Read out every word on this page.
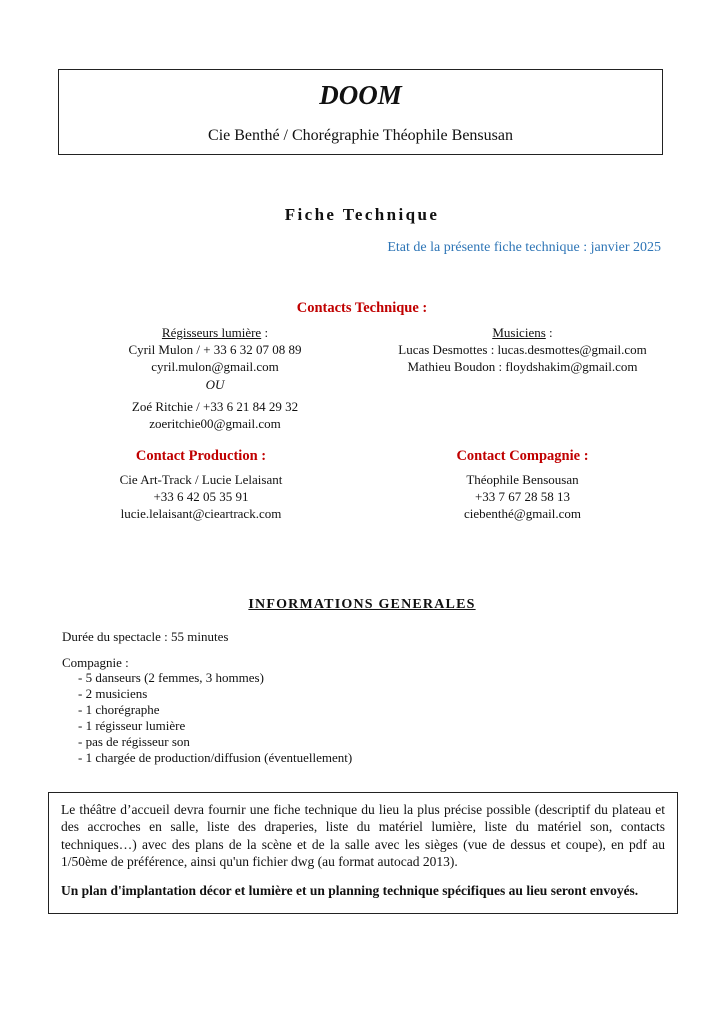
DOOM
Cie Benthé / Chorégraphie Théophile Bensusan
Fiche Technique
Etat de la présente fiche technique : janvier 2025
Contacts Technique :
Régisseurs lumière :
Cyril Mulon / + 33 6 32 07 08 89
cyril.mulon@gmail.com
OU
Zoé Ritchie / +33 6 21 84 29 32
zoeritchie00@gmail.com
Musiciens :
Lucas Desmottes : lucas.desmottes@gmail.com
Mathieu Boudon : floydshakim@gmail.com
Contact Production :
Cie Art-Track / Lucie Lelaisant
+33 6 42 05 35 91
lucie.lelaisant@cieartrack.com
Contact Compagnie :
Théophile Bensousan
+33 7 67 28 58 13
ciebenthé@gmail.com
INFORMATIONS GENERALES
Durée du spectacle : 55 minutes
Compagnie :
- 5 danseurs (2 femmes, 3 hommes)
- 2 musiciens
- 1 chorégraphe
- 1 régisseur lumière
- pas de régisseur son
- 1 chargée de production/diffusion (éventuellement)

Le théâtre d’accueil devra fournir une fiche technique du lieu la plus précise possible (descriptif du plateau et des accroches en salle, liste des draperies, liste du matériel lumière, liste du matériel son, contacts techniques…) avec des plans de la scène et de la salle avec les sièges (vue de dessus et coupe), en pdf au 1/50ème de préférence, ainsi qu'un fichier dwg (au format autocad 2013).

Un plan d'implantation décor et lumière et un planning technique spécifiques au lieu seront envoyés.
